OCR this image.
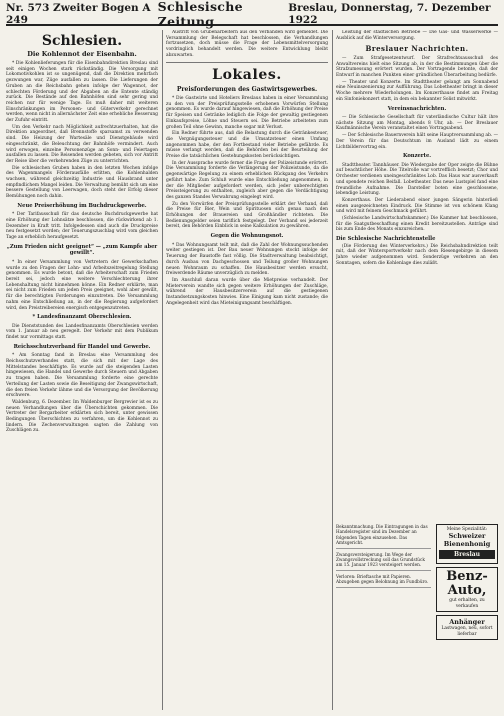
Nr. 573 Zweiter Bogen A 249
Schlesische Zeitung
Breslau, Donnerstag, 7. Dezember 1922
Schlesien.
Die Kohlennot der Eisenbahn.

* Die Kohlenlieferungen für die Eisenbahndirektion Breslau sind seit einigen Wochen stark rückständig. Die Versorgung mit Lokomotivkohlen ist so ungenügend, daß die Direktion mehrfach gezwungen war, Züge ausfallen zu lassen. Die Lieferungen der Gruben an die Reichsbahn gehen infolge der Wagennot, der schlechten Förderung und der Abgaben an die Entente ständig zurück. Die Bestände auf den Bahnhöfen sind sehr gering und reichen nur für wenige Tage. Es muß daher mit weiteren Einschränkungen im Personen- und Güterverkehr gerechnet werden, wenn nicht in allernächster Zeit eine erhebliche Besserung der Zufuhr eintritt.

Um den Verkehr nach Möglichkeit aufrechtzuerhalten, hat die Direktion angeordnet, daß Brennstoffe sparsamst zu verwenden sind. Die Heizung der Wartesäle und Dienstgebäude wird eingeschränkt, die Beleuchtung der Bahnhöfe vermindert. Auch wird erwogen, einzelne Personenzüge an Sonn- und Feiertagen ausfallen zu lassen. Die Reisenden werden gebeten, sich vor Antritt der Reise über die verkehrenden Züge zu unterrichten.

Die schlesischen Gruben haben in den letzten Wochen infolge des Wagenmangels Förderausfälle erlitten, die Kohlenhalden wachsen, während gleichzeitig Industrie und Hausbrand unter empfindlichem Mangel leiden. Die Verwaltung bemüht sich um eine bessere Gestellung von Leerwagen, doch steht der Erfolg dieser Bemühungen noch dahin.

Neue Preiserhöhung im Buchdruckgewerbe.

* Der Tarifausschuß für das deutsche Buchdruckgewerbe hat eine Erhöhung der Lohnsätze beschlossen, die rückwirkend ab 1. Dezember in Kraft tritt. Infolgedessen sind auch die Druckpreise neu festgesetzt worden; der Teuerungszuschlag wird vom gleichen Tage an erheblich heraufgesetzt.

„Zum Frieden nicht geeignet“ — „zum Kampfe aber gewillt“.

* In einer Versammlung von Vertretern der Gewerkschaften wurde zu den Fragen der Lohn- und Arbeitszeitregelung Stellung genommen. Es wurde betont, daß die Arbeiterschaft zum Frieden bereit sei, jedoch eine weitere Verschlechterung ihrer Lebenshaltung nicht hinnehmen könne. Ein Redner erklärte, man sei nicht zum Frieden um jeden Preis geeignet, wohl aber gewillt, für die berechtigten Forderungen einzutreten. Die Versammlung nahm eine Entschließung an, in der die Regierung aufgefordert wird, den Preistreibereien energisch entgegenzutreten.

* Landesfinanzamt Oberschlesien.

Die Dienststunden des Landesfinanzamts Oberschlesien werden vom 1. Januar ab neu geregelt. Der Verkehr mit dem Publikum findet nur vormittags statt.

Reichsschutzverband für Handel und Gewerbe.

* Am Sonntag fand in Breslau eine Versammlung des Reichsschutzverbandes statt, die sich mit der Lage des Mittelstandes beschäftigte. Es wurde auf die steigenden Lasten hingewiesen, die Handel und Gewerbe durch Steuern und Abgaben zu tragen haben. Die Versammlung forderte eine gerechte Verteilung der Lasten sowie die Beseitigung der Zwangswirtschaft, die den freien Verkehr lähme und die Versorgung der Bevölkerung erschwere.

Waldenburg, 6. Dezember. Im Waldenburger Bergrevier ist es zu neuen Verhandlungen über die Überschichten gekommen. Die Vertreter der Bergarbeiter erklärten sich bereit, unter gewissen Bedingungen Überschichten zu verfahren, um die Kohlennot zu lindern. Die Zechenverwaltungen sagten die Zahlung von Zuschlägen zu.

Austritt von Grubenarbeitern aus den Verbänden wird gemeldet. Die Versammlung der Belegschaft hat beschlossen, die Verhandlungen fortzusetzen, doch müsse die Frage der Lebensmittelversorgung vordringlich behandelt werden. Die weitere Entwicklung bleibt abzuwarten.

Lokales.
Preisforderungen des Gastwirtsgewerbes.

* Die Gastwirte und Hoteliers Breslaus haben in einer Versammlung zu den von der Preisprüfungsstelle erhobenen Vorwürfen Stellung genommen. Es wurde darauf hingewiesen, daß die Erhöhung der Preise für Speisen und Getränke lediglich die Folge der gewaltig gestiegenen Einkaufspreise, Löhne und Steuern sei. Die Betriebe arbeiteten zum großen Teil ohne Gewinn, manche sogar mit Verlust.

Ein Redner führte aus, daß die Belastung durch die Getränkesteuer, die Vergnügungssteuer und die Umsatzsteuer einen Umfang angenommen habe, der den Fortbestand vieler Betriebe gefährde. Es müsse verlangt werden, daß die Behörden bei der Beurteilung der Preise die tatsächlichen Gestehungskosten berücksichtigen.

In der Aussprache wurde ferner die Frage der Polizeistunde erörtert. Die Versammlung forderte die Verlängerung der Polizeistunde, da die gegenwärtige Regelung zu einem erheblichen Rückgang des Verkehrs geführt habe. Zum Schluß wurde eine Entschließung angenommen, in der die Mitglieder aufgefordert werden, sich jeder unberechtigten Preissteigerung zu enthalten, zugleich aber gegen die Verdächtigung des ganzen Standes Verwahrung eingelegt wird.

Zu den Vorwürfen der Preisprüfungsstelle erklärt der Verband, daß die Preise für Bier, Wein und Spirituosen sich genau nach den Erhöhungen der Brauereien und Großhändler richteten. Die Bedienungsgelder seien tariflich festgelegt. Der Verband sei jederzeit bereit, den Behörden Einblick in seine Kalkulation zu gewähren.

Gegen die Wohnungsnot.

* Das Wohnungsamt teilt mit, daß die Zahl der Wohnungssuchenden weiter gestiegen ist. Der Bau neuer Wohnungen stockt infolge der Teuerung der Baustoffe fast völlig. Die Stadtverwaltung beabsichtigt, durch Ausbau von Dachgeschossen und Teilung großer Wohnungen neuen Wohnraum zu schaffen. Die Hausbesitzer werden ersucht, freiwerdende Räume unverzüglich zu melden.

Im Anschluß daran wurde über die Mietpreise verhandelt. Der Mieterverein wandte sich gegen weitere Erhöhungen der Zuschläge, während der Hausbesitzerverein auf die gestiegenen Instandsetzungskosten hinwies. Eine Einigung kam nicht zustande; die Angelegenheit wird das Mieteinigungsamt beschäftigen.

Leistung der städtischen Betriebe — Die Gas- und Wasserwerke — Ausblick auf die Winterversorgung.

Breslauer Nachrichten.

— Zum Strafgesetzentwurf. Der Strafrechtsausschuß des Anwaltvereins hielt eine Sitzung ab, in der die Bestimmungen über die Strafzumessung erörtert wurden. Der Vortragende betonte, daß der Entwurf in manchen Punkten einer gründlichen Überarbeitung bedürfe.

— Theater und Konzerte. Im Stadttheater gelangt am Sonnabend eine Neuinszenierung zur Aufführung. Das Lobetheater bringt in dieser Woche mehrere Wiederholungen. Im Konzerthause findet am Freitag ein Sinfoniekonzert statt, in dem ein bekannter Solist mitwirkt.

Vereinsnachrichten.

— Die Schlesische Gesellschaft für vaterländische Cultur hält ihre nächste Sitzung am Montag, abends 8 Uhr, ab. — Der Breslauer Kaufmännische Verein veranstaltet einen Vortragsabend.

— Der Schlesische Bauernverein hält seine Hauptversammlung ab. — Der Verein für das Deutschtum im Ausland lädt zu einem Lichtbildervortrag ein.

Konzerte.

Stadttheater. Tannhäuser. Die Wiedergabe der Oper zeigte die Bühne auf beachtlicher Höhe. Die Titelrolle war vortrefflich besetzt; Chor und Orchester verdienen uneingeschränktes Lob. Das Haus war ausverkauft und spendete reichen Beifall. Lobetheater. Das neue Lustspiel fand eine freundliche Aufnahme. Die Darsteller boten eine geschlossene, lebendige Leistung.

Konzerthaus. Der Liederabend einer jungen Sängerin hinterließ einen ausgezeichneten Eindruck. Die Stimme ist von schönem Klang und wird mit feinem Geschmack geführt.

(Schlesische Landwirtschaftskammer.) Die Kammer hat beschlossen, für die Saatgutbeschaffung einen Kredit bereitzustellen. Anträge sind bis zum Ende des Monats einzureichen.

Die Schlesische Nachrichtenstelle

(Die Förderung des Winterverkehrs.) Die Reichsbahndirektion teilt mit, daß der Wintersportverkehr nach dem Riesengebirge in diesem Jahre wieder aufgenommen wird. Sonderzüge verkehren an den Sonntagen, sofern die Kohlenlage dies zuläßt.

Bekanntmachung. Die Eintragungen in das Handelsregister sind im Dezember an folgenden Tagen einzusehen. Das Amtsgericht.
Zwangsversteigerung. Im Wege der Zwangsvollstreckung soll das Grundstück am 15. Januar 1923 versteigert werden.
Verloren: Brieftasche mit Papieren. Abzugeben gegen Belohnung im Fundbüro.
Meine Spezialität:
Schweizer
Bienenhonig
Breslau
Benz-
Auto,
gut erhalten, zu verkaufen
Anhänger
Lastwagen, neu, sofort lieferbar
